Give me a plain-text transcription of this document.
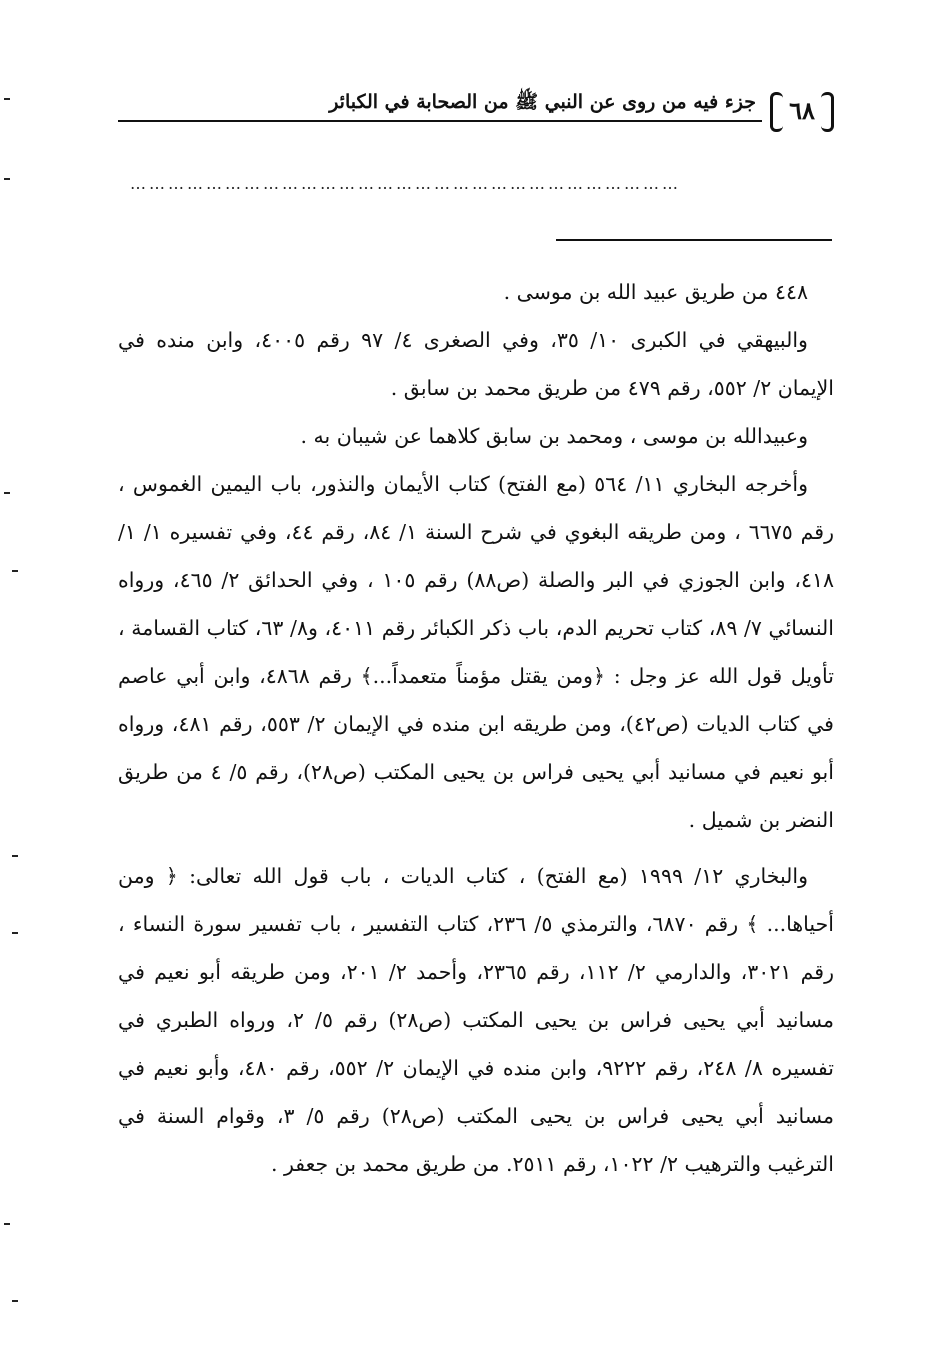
٦٨
جزء فيه من روى عن النبي ﷺ من الصحابة في الكبائر
……………………………………………………………………………

٤٤٨ من طريق عبيد الله بن موسى .

والبيهقي في الكبرى ١٠/ ٣٥، وفي الصغرى ٤/ ٩٧ رقم ٤٠٠٥، وابن منده في الإيمان ٢/ ٥٥٢، رقم ٤٧٩ من طريق محمد بن سابق .

وعبيدالله بن موسى ، ومحمد بن سابق كلاهما عن شيبان به .

وأخرجه البخاري ١١/ ٥٦٤ (مع الفتح) كتاب الأيمان والنذور، باب اليمين الغموس ، رقم ٦٦٧٥ ، ومن طريقه البغوي في شرح السنة ١/ ٨٤، رقم ٤٤، وفي تفسيره ١/ ١/ ٤١٨، وابن الجوزي في البر والصلة (ص٨٨) رقم ١٠٥ ، وفي الحدائق ٢/ ٤٦٥، ورواه النسائي ٧/ ٨٩، كتاب تحريم الدم، باب ذكر الكبائر رقم ٤٠١١، و٨/ ٦٣، كتاب القسامة ، تأويل قول الله عز وجل : ﴿ومن يقتل مؤمناً متعمداً...﴾ رقم ٤٨٦٨، وابن أبي عاصم في كتاب الديات (ص٤٢)، ومن طريقه ابن منده في الإيمان ٢/ ٥٥٣، رقم ٤٨١، ورواه أبو نعيم في مسانيد أبي يحيى فراس بن يحيى المكتب (ص٢٨)، رقم ٥/ ٤ من طريق النضر بن شميل .

والبخاري ١٢/ ١٩٩٩ (مع الفتح) ، كتاب الديات ، باب قول الله تعالى: ﴿ ومن أحياها... ﴾ رقم ٦٨٧٠، والترمذي ٥/ ٢٣٦، كتاب التفسير ، باب تفسير سورة النساء ، رقم ٣٠٢١، والدارمي ٢/ ١١٢، رقم ٢٣٦٥، وأحمد ٢/ ٢٠١، ومن طريقه أبو نعيم في مسانيد أبي يحيى فراس بن يحيى المكتب (ص٢٨) رقم ٥/ ٢، ورواه الطبري في تفسيره ٨/ ٢٤٨، رقم ٩٢٢٢، وابن منده في الإيمان ٢/ ٥٥٢، رقم ٤٨٠، وأبو نعيم في مسانيد أبي يحيى فراس بن يحيى المكتب (ص٢٨) رقم ٥/ ٣، وقوام السنة في الترغيب والترهيب ٢/ ١٠٢٢، رقم ٢٥١١. من طريق محمد بن جعفر .
